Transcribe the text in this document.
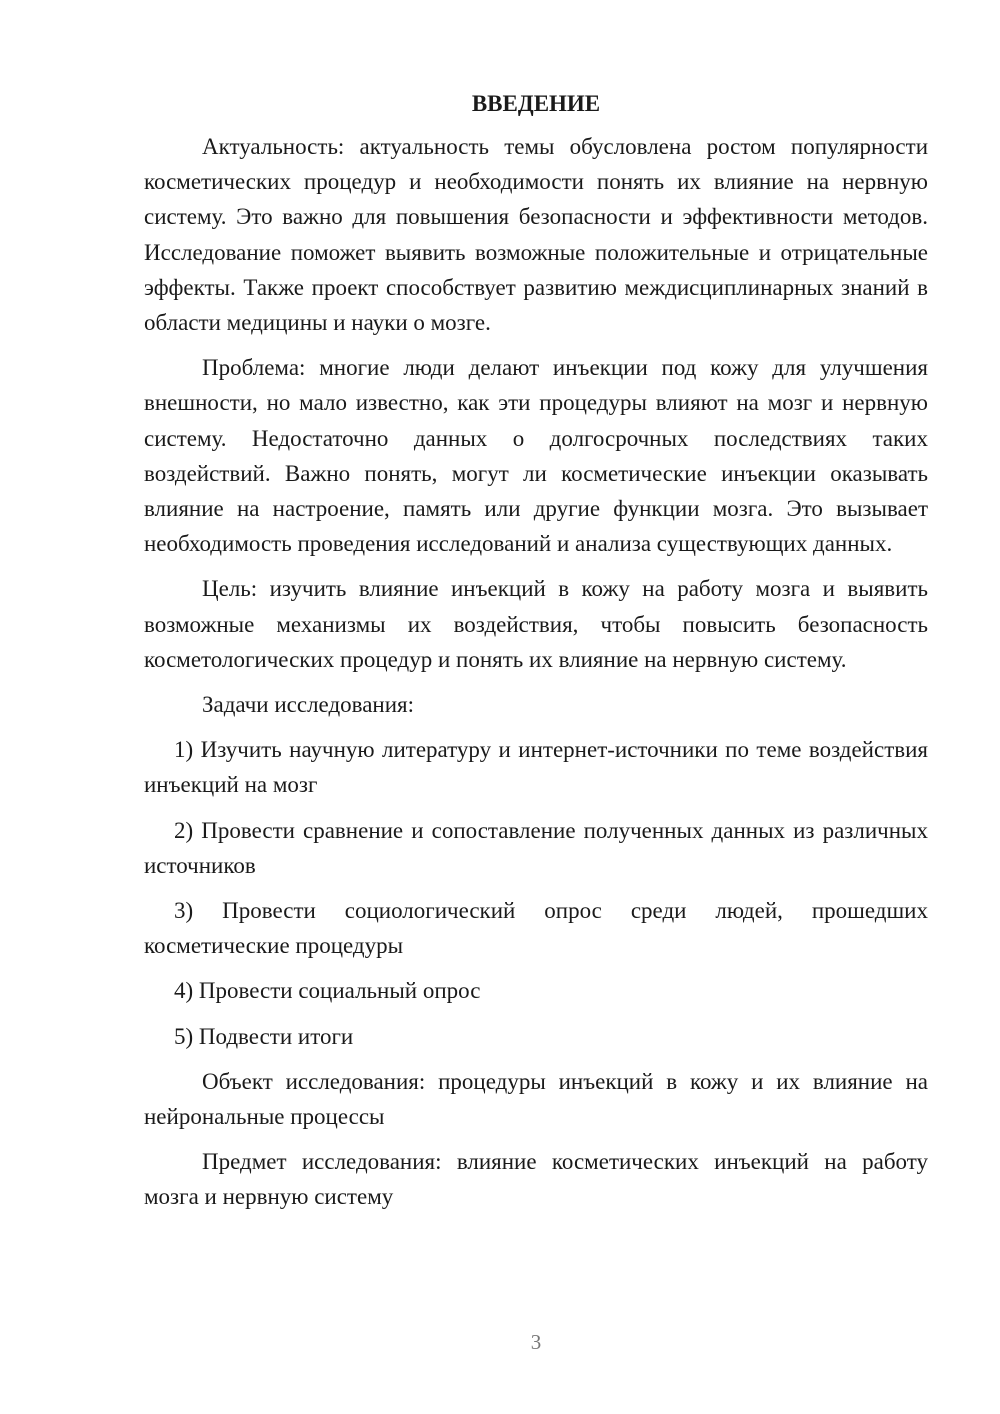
ВВЕДЕНИЕ

Актуальность: актуальность темы обусловлена ростом популярности косметических процедур и необходимости понять их влияние на нервную систему. Это важно для повышения безопасности и эффективности методов. Исследование поможет выявить возможные положительные и отрицательные эффекты. Также проект способствует развитию междисциплинарных знаний в области медицины и науки о мозге.

Проблема: многие люди делают инъекции под кожу для улучшения внешности, но мало известно, как эти процедуры влияют на мозг и нервную систему. Недостаточно данных о долгосрочных последствиях таких воздействий. Важно понять, могут ли косметические инъекции оказывать влияние на настроение, память или другие функции мозга. Это вызывает необходимость проведения исследований и анализа существующих данных.

Цель: изучить влияние инъекций в кожу на работу мозга и выявить возможные механизмы их воздействия, чтобы повысить безопасность косметологических процедур и понять их влияние на нервную систему.

Задачи исследования:

1) Изучить научную литературу и интернет-источники по теме воздействия инъекций на мозг

2) Провести сравнение и сопоставление полученных данных из различных источников

3) Провести социологический опрос среди людей, прошедших косметические процедуры

4) Провести социальный опрос

5) Подвести итоги

Объект исследования: процедуры инъекций в кожу и их влияние на нейрональные процессы

Предмет исследования: влияние косметических инъекций на работу мозга и нервную систему

3
